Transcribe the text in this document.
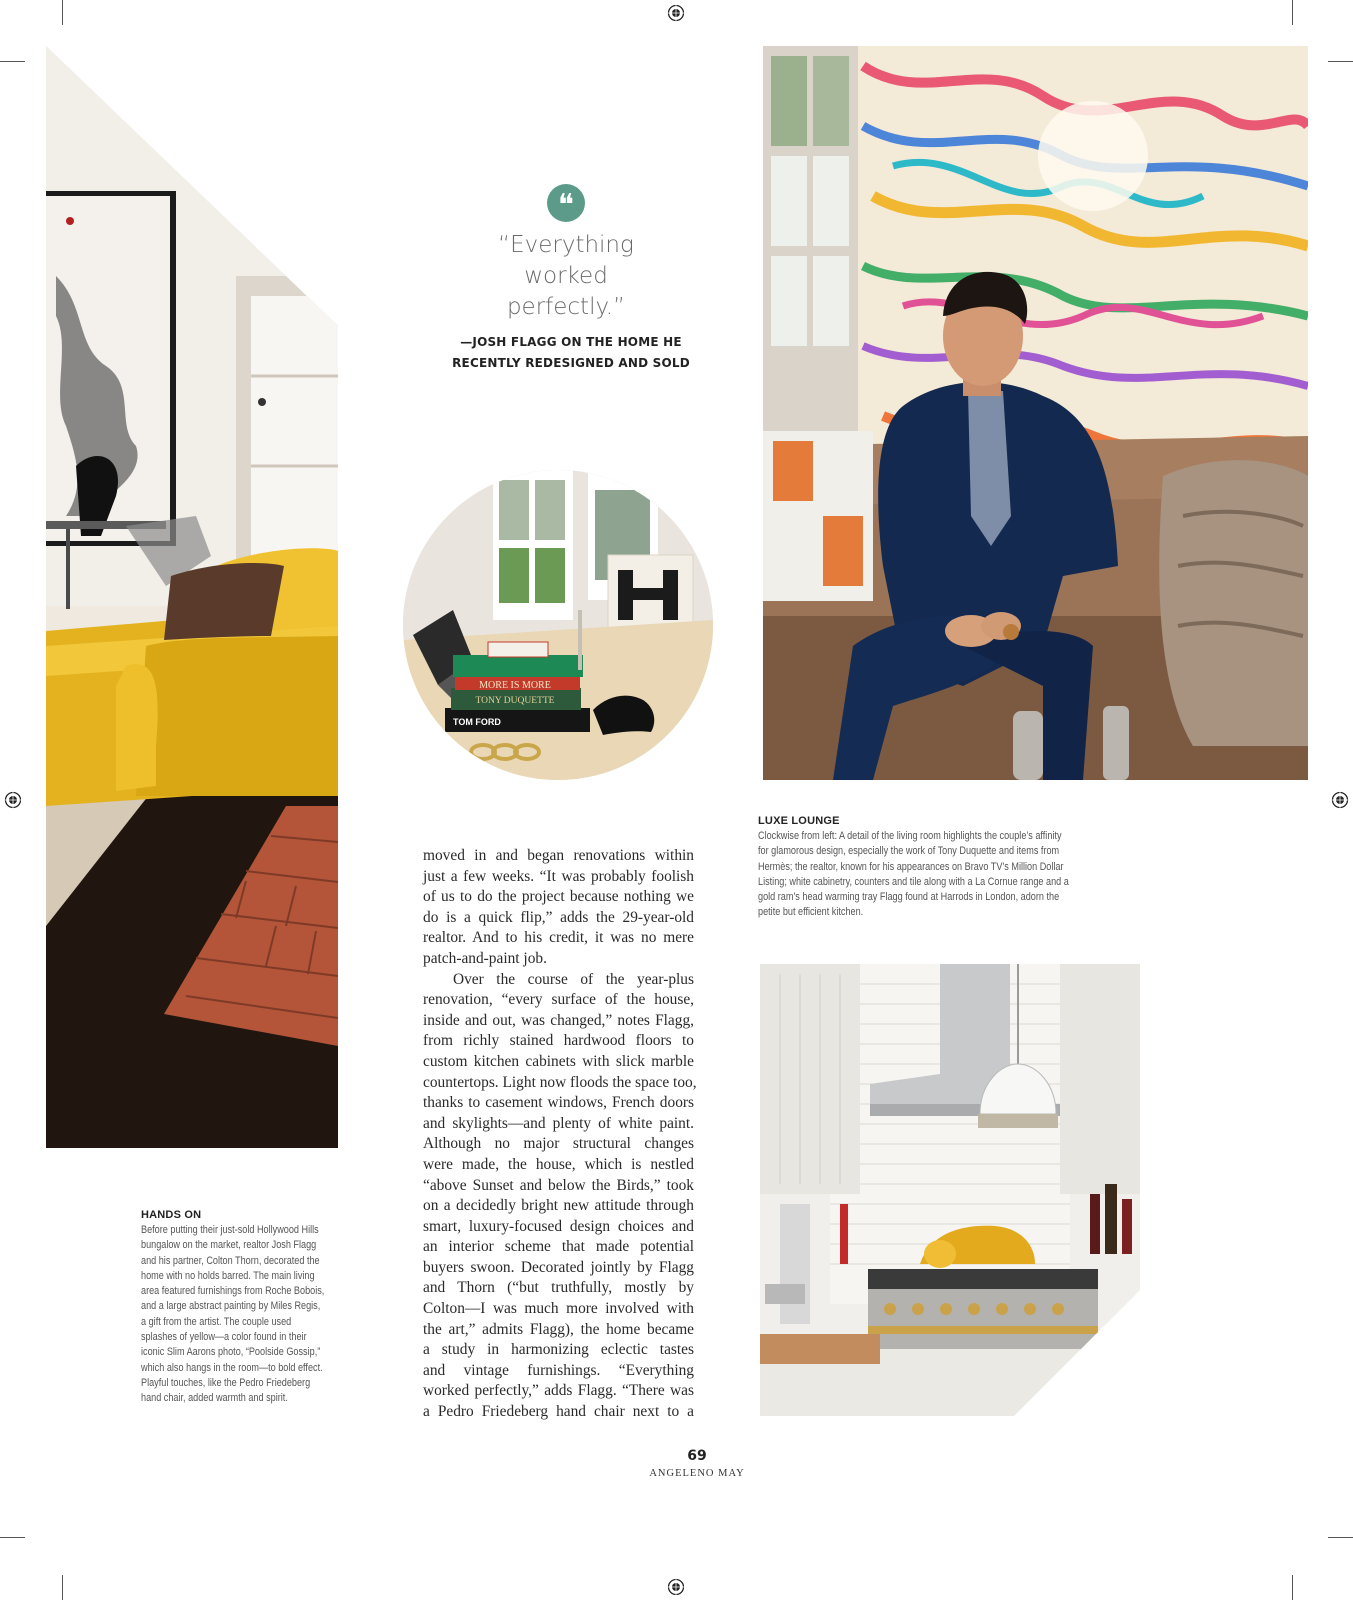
❝
“Everything
worked
perfectly.”
—JOSH FLAGG ON THE HOME HE
RECENTLY REDESIGNED AND SOLD
MORE IS MORE
TONY DUQUETTE
TOM FORD
moved in and began renovations within
just a few weeks. “It was probably foolish
of us to do the project because nothing we
do is a quick flip,” adds the 29-year-old
realtor. And to his credit, it was no mere
patch-and-paint job.
Over the course of the year-plus
renovation, “every surface of the house,
inside and out, was changed,” notes Flagg,
from richly stained hardwood floors to
custom kitchen cabinets with slick marble
countertops. Light now floods the space too,
thanks to casement windows, French doors
and skylights—and plenty of white paint.
Although no major structural changes
were made, the house, which is nestled
“above Sunset and below the Birds,” took
on a decidedly bright new attitude through
smart, luxury-focused design choices and
an interior scheme that made potential
buyers swoon. Decorated jointly by Flagg
and Thorn (“but truthfully, mostly by
Colton—I was much more involved with
the art,” admits Flagg), the home became
a study in harmonizing eclectic tastes
and vintage furnishings. “Everything
worked perfectly,” adds Flagg. “There was
a Pedro Friedeberg hand chair next to a
HANDS ON
Before putting their just-sold Hollywood Hills
bungalow on the market, realtor Josh Flagg
and his partner, Colton Thorn, decorated the
home with no holds barred. The main living
area featured furnishings from Roche Bobois,
and a large abstract painting by Miles Regis,
a gift from the artist. The couple used
splashes of yellow—a color found in their
iconic Slim Aarons photo, “Poolside Gossip,”
which also hangs in the room—to bold effect.
Playful touches, like the Pedro Friedeberg
hand chair, added warmth and spirit.
LUXE LOUNGE
Clockwise from left: A detail of the living room highlights the couple’s affinity
for glamorous design, especially the work of Tony Duquette and items from
Hermès; the realtor, known for his appearances on Bravo TV’s Million Dollar
Listing; white cabinetry, counters and tile along with a La Cornue range and a
gold ram’s head warming tray Flagg found at Harrods in London, adorn the
petite but efficient kitchen.
69
ANGELENO MAY
